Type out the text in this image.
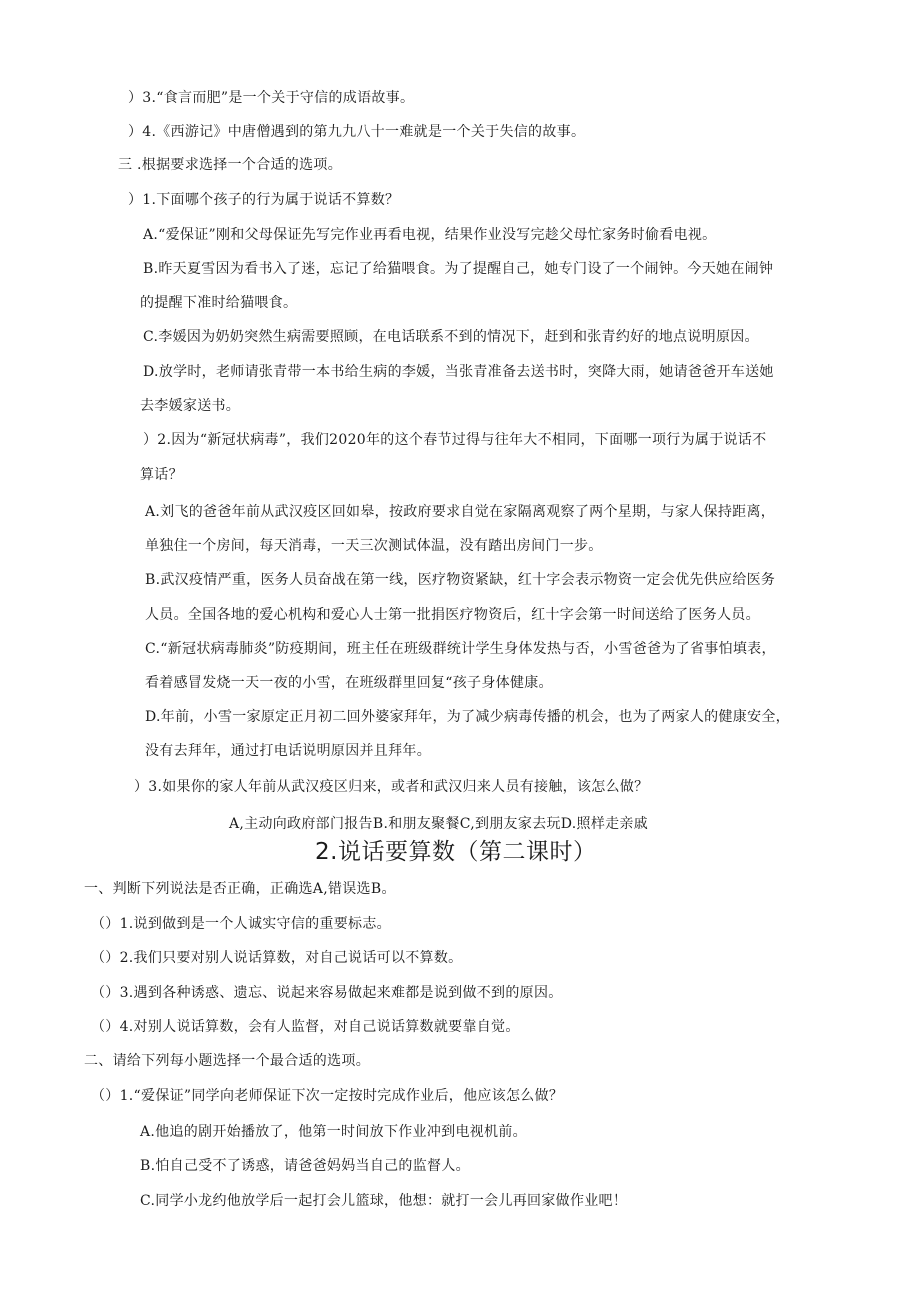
）3.“食言而肥”是一个关于守信的成语故事。
）4.《西游记》中唐僧遇到的第九九八十一难就是一个关于失信的故事。
三 .根据要求选择一个合适的选项。
）1.下面哪个孩子的行为属于说话不算数？
A.“爱保证”刚和父母保证先写完作业再看电视，结果作业没写完趁父母忙家务时偷看电视。
B.昨天夏雪因为看书入了迷，忘记了给猫喂食。为了提醒自己，她专门设了一个闹钟。今天她在闹钟
的提醒下准时给猫喂食。
C.李媛因为奶奶突然生病需要照顾，在电话联系不到的情况下，赶到和张青约好的地点说明原因。
D.放学时，老师请张青带一本书给生病的李媛，当张青准备去送书时，突降大雨，她请爸爸开车送她
去李媛家送书。
）2.因为“新冠状病毒”，我们2020年的这个春节过得与往年大不相同，下面哪一项行为属于说话不
算话？
A.刘飞的爸爸年前从武汉疫区回如皋，按政府要求自觉在家隔离观察了两个星期，与家人保持距离，
单独住一个房间，每天消毒，一天三次测试体温，没有踏出房间门一步。
B.武汉疫情严重，医务人员奋战在第一线，医疗物资紧缺，红十字会表示物资一定会优先供应给医务
人员。全国各地的爱心机构和爱心人士第一批捐医疗物资后，红十字会第一时间送给了医务人员。
C.“新冠状病毒肺炎”防疫期间，班主任在班级群统计学生身体发热与否，小雪爸爸为了省事怕填表，
看着感冒发烧一天一夜的小雪，在班级群里回复“孩子身体健康。
D.年前，小雪一家原定正月初二回外婆家拜年，为了减少病毒传播的机会，也为了两家人的健康安全，
没有去拜年，通过打电话说明原因并且拜年。
）3.如果你的家人年前从武汉疫区归来，或者和武汉归来人员有接触，该怎么做？
A,主动向政府部门报告B.和朋友聚餐C,到朋友家去玩D.照样走亲戚
2.说话要算数（第二课时）
一、判断下列说法是否正确，正确选A,错误选B。
（）1.说到做到是一个人诚实守信的重要标志。
（）2.我们只要对别人说话算数，对自己说话可以不算数。
（）3.遇到各种诱惑、遗忘、说起来容易做起来难都是说到做不到的原因。
（）4.对别人说话算数，会有人监督，对自己说话算数就要靠自觉。
二、请给下列每小题选择一个最合适的选项。
（）1.“爱保证”同学向老师保证下次一定按时完成作业后，他应该怎么做？
A.他追的剧开始播放了，他第一时间放下作业冲到电视机前。
B.怕自己受不了诱惑，请爸爸妈妈当自己的监督人。
C.同学小龙约他放学后一起打会儿篮球，他想：就打一会儿再回家做作业吧！
